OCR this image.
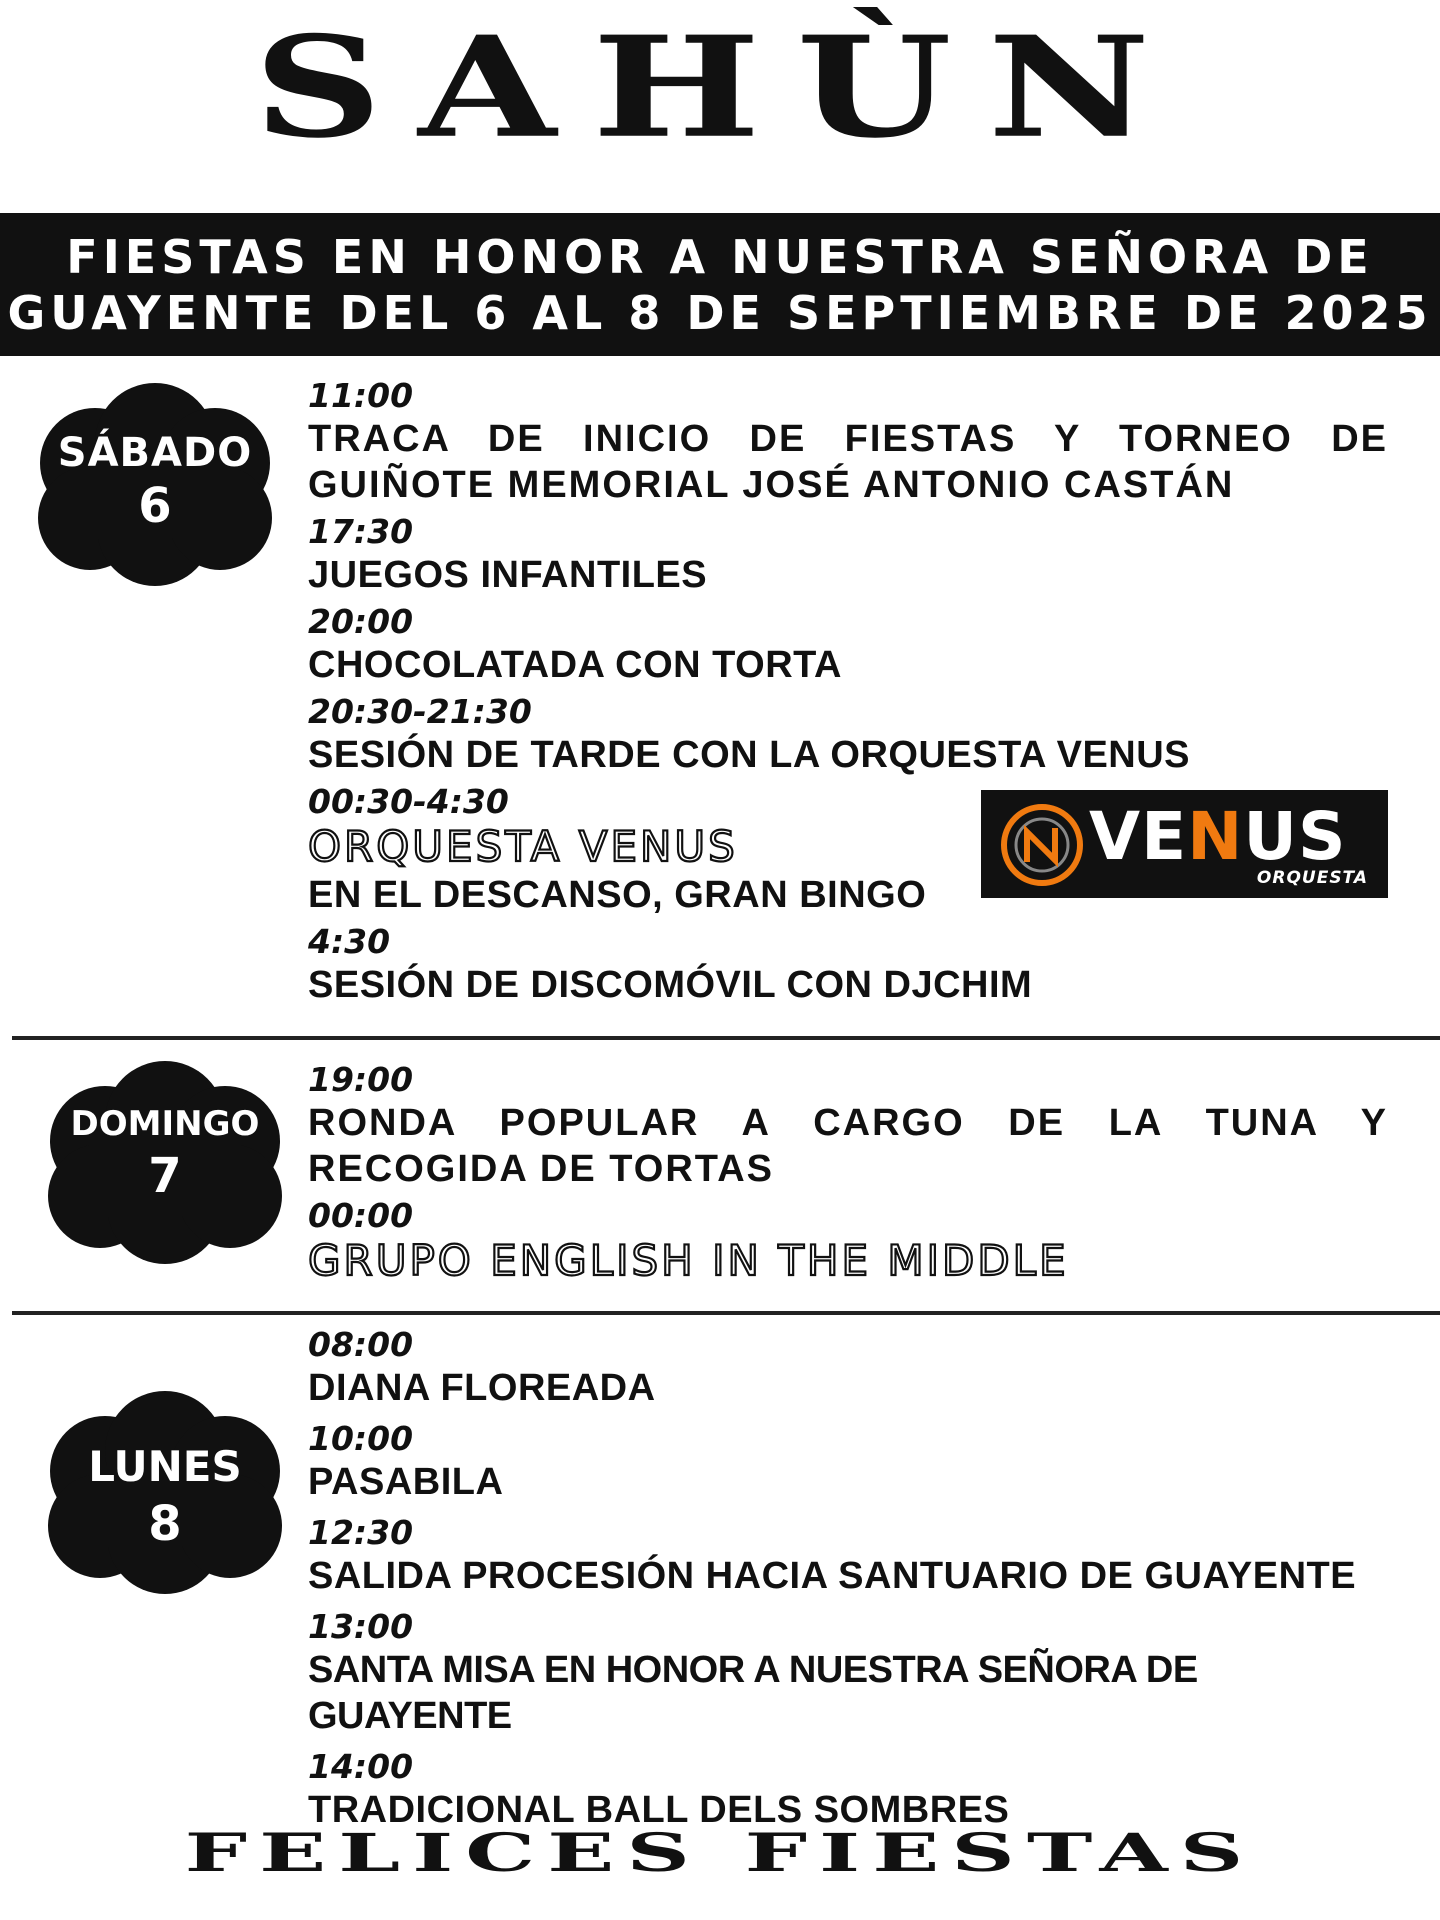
SAHÙN
FIESTAS EN HONOR A NUESTRA SEÑORA DE
GUAYENTE DEL 6 AL 8 DE SEPTIEMBRE DE 2025
SÁBADO
6
11:00
TRACA DE INICIO DE FIESTAS Y TORNEO DE GUIÑOTE MEMORIAL JOSÉ ANTONIO CASTÁN
17:30
JUEGOS INFANTILES
20:00
CHOCOLATADA CON TORTA
20:30-21:30
SESIÓN DE TARDE CON LA ORQUESTA VENUS
00:30-4:30
ORQUESTA VENUS
EN EL DESCANSO, GRAN BINGO
4:30
SESIÓN DE DISCOMÓVIL CON DJCHIM
VENUS
ORQUESTA
DOMINGO
7
19:00
RONDA POPULAR A CARGO DE LA TUNA Y RECOGIDA DE TORTAS
00:00
GRUPO ENGLISH IN THE MIDDLE
LUNES
8
08:00
DIANA FLOREADA
10:00
PASABILA
12:30
SALIDA PROCESIÓN HACIA SANTUARIO DE GUAYENTE
13:00
SANTA MISA EN HONOR A NUESTRA SEÑORA DE GUAYENTE
14:00
TRADICIONAL BALL DELS SOMBRES
FELICES FIESTAS
